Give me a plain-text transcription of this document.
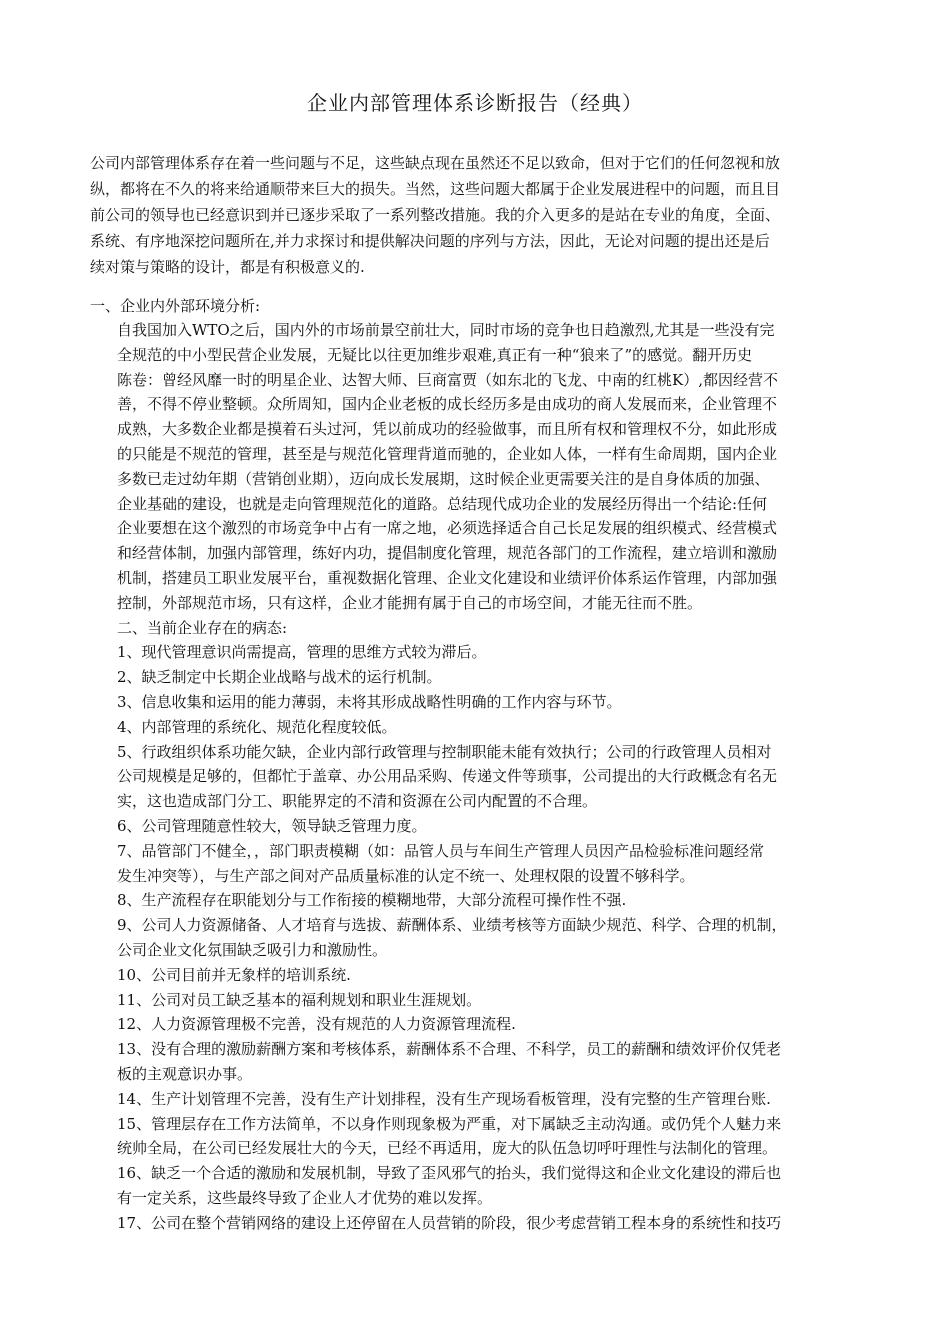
企业内部管理体系诊断报告（经典）

公司内部管理体系存在着一些问题与不足，这些缺点现在虽然还不足以致命，但对于它们的任何忽视和放

纵，都将在不久的将来给通顺带来巨大的损失。当然，这些问题大都属于企业发展进程中的问题，而且目

前公司的领导也已经意识到并已逐步采取了一系列整改措施。我的介入更多的是站在专业的角度，全面、

系统、有序地深挖问题所在,并力求探讨和提供解决问题的序列与方法，因此，无论对问题的提出还是后

续对策与策略的设计，都是有积极意义的.

一、企业内外部环境分析:

自我国加入WTO之后，国内外的市场前景空前壮大，同时市场的竞争也日趋激烈,尤其是一些没有完

全规范的中小型民营企业发展，无疑比以往更加维步艰难,真正有一种“狼来了”的感觉。翻开历史

陈卷：曾经风靡一时的明星企业、达智大师、巨商富贾（如东北的飞龙、中南的红桃K）,都因经营不

善，不得不停业整顿。众所周知，国内企业老板的成长经历多是由成功的商人发展而来，企业管理不

成熟，大多数企业都是摸着石头过河，凭以前成功的经验做事，而且所有权和管理权不分，如此形成

的只能是不规范的管理，甚至是与规范化管理背道而驰的，企业如人体，一样有生命周期，国内企业

多数已走过幼年期（营销创业期），迈向成长发展期，这时候企业更需要关注的是自身体质的加强、

企业基础的建设，也就是走向管理规范化的道路。总结现代成功企业的发展经历得出一个结论:任何

企业要想在这个激烈的市场竞争中占有一席之地，必须选择适合自己长足发展的组织模式、经营模式

和经营体制，加强内部管理，练好内功，提倡制度化管理，规范各部门的工作流程，建立培训和激励

机制，搭建员工职业发展平台，重视数据化管理、企业文化建设和业绩评价体系运作管理，内部加强

控制，外部规范市场，只有这样，企业才能拥有属于自己的市场空间，才能无往而不胜。

二、当前企业存在的病态:

1、现代管理意识尚需提高，管理的思维方式较为滞后。

2、缺乏制定中长期企业战略与战术的运行机制。

3、信息收集和运用的能力薄弱，未将其形成战略性明确的工作内容与环节。

4、内部管理的系统化、规范化程度较低。

5、行政组织体系功能欠缺，企业内部行政管理与控制职能未能有效执行；公司的行政管理人员相对

公司规模是足够的，但都忙于盖章、办公用品采购、传递文件等琐事，公司提出的大行政概念有名无

实，这也造成部门分工、职能界定的不清和资源在公司内配置的不合理。

6、公司管理随意性较大，领导缺乏管理力度。

7、品管部门不健全，，部门职责模糊（如：品管人员与车间生产管理人员因产品检验标准问题经常

发生冲突等），与生产部之间对产品质量标准的认定不统一、处理权限的设置不够科学。

8、生产流程存在职能划分与工作衔接的模糊地带，大部分流程可操作性不强.

9、公司人力资源储备、人才培育与选拔、薪酬体系、业绩考核等方面缺少规范、科学、合理的机制，

公司企业文化氛围缺乏吸引力和激励性。

10、公司目前并无象样的培训系统.

11、公司对员工缺乏基本的福利规划和职业生涯规划。

12、人力资源管理极不完善，没有规范的人力资源管理流程.

13、没有合理的激励薪酬方案和考核体系，薪酬体系不合理、不科学，员工的薪酬和绩效评价仅凭老

板的主观意识办事。

14、生产计划管理不完善，没有生产计划排程，没有生产现场看板管理，没有完整的生产管理台账.

15、管理层存在工作方法简单，不以身作则现象极为严重，对下属缺乏主动沟通。或仍凭个人魅力来

统帅全局，在公司已经发展壮大的今天，已经不再适用，庞大的队伍急切呼吁理性与法制化的管理。

16、缺乏一个合适的激励和发展机制，导致了歪风邪气的抬头，我们觉得这和企业文化建设的滞后也

有一定关系，这些最终导致了企业人才优势的难以发挥。

17、公司在整个营销网络的建设上还停留在人员营销的阶段，很少考虑营销工程本身的系统性和技巧
